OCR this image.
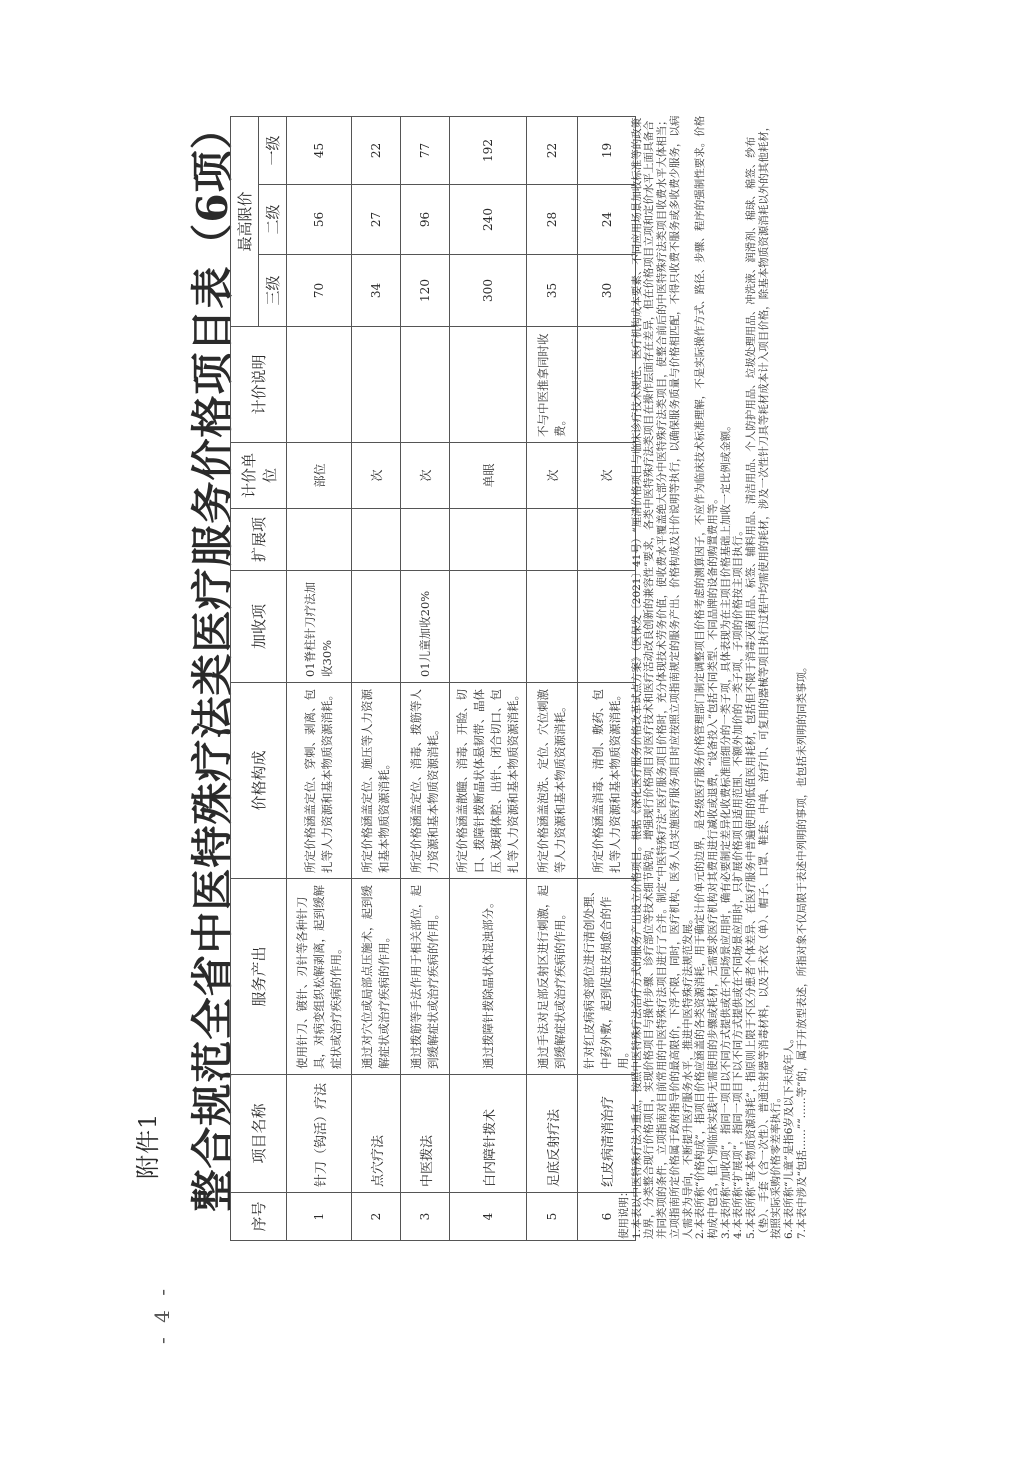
- 4 -
附件1 整合规范全省中医特殊疗法类医疗服务价格项目表（6项）
序号	项目名称	服务产出	价格构成	加收项	扩展项	计价单位	计价说明	最高限价		
								三级	二级	一级
1	针刀（钩活）疗法	使用针刀、镀针、刃针等各种针刀具，对病变组织松解剥离，起到缓解症状或治疗疾病的作用。	所定价格涵盖定位、穿刺、剥离、包扎等人力资源和基本物质资源消耗。	01脊柱针刀疗法加收30%		部位		70	56	45
2	点穴疗法	通过对穴位或局部点压施术，起到缓解症状或治疗疾病的作用。	所定价格涵盖定位、施压等人力资源和基本物质资源消耗。			次		34	27	22
3	中医拨法	通过拨筋等手法作用于相关部位，起到缓解症状或治疗疾病的作用。	所定价格涵盖定位、消毒、拨筋等人力资源和基本物质资源消耗。	01儿童加收20%		次		120	96	77
4	白内障针拨术	通过拨障针拨除晶状体混浊部分。	所定价格涵盖散瞳、消毒、开睑、切口、拨障针拨断晶状体悬韧带、晶体压入玻璃体腔、出针、闭合切口、包扎等人力资源和基本物质资源消耗。			单眼		300	240	192
5	足底反射疗法	通过手法对足部反射区进行刺激，起到缓解症状或治疗疾病的作用。	所定价格涵盖泡洗、定位、穴位刺激等人力资源和基本物质资源消耗。			次	不与中医推拿同时收费。	35	28	22
6	红皮病清消治疗	针对红皮病病变部位进行清创处理、中药外敷，起到促进皮损愈合的作用。	所定价格涵盖消毒、清创、敷药、包扎等人力资源和基本物质资源消耗。			次		30	24	19

使用说明： 1.本表以中医特殊疗法为重点，按照中医特殊疗法治疗方式的服务产出设立价格项目。根据《深化医疗服务价格改革试点方案》（医保发〔2021〕41号）“厘清价格项目与临床诊疗技术规范、医疗机构成本要素、不同应用场景加收标准等的政策边界，分类整合现行价格项目，实现价格项目与操作步骤、诊疗部位等技术细节脱钩，增强现行价格项目对医疗技术和医疗活动改良创新的兼容性”要求，各类中医特殊疗法类项目在操作层面存在差异，但在价格项目立项和定价水平上面具备合并同类项的条件，立项指南对目前常用的中医特殊疗法项目进行了合并。制定“中医特殊疗法”医疗服务项目价格时，充分体现技术劳务价值，使收费水平覆盖绝大部分中医特殊疗法类项目，使整合前后的中医特殊疗法类项目收费水平大体相当；立项指南所定价格属于政府指导价的最高限价，下浮不限，同时，医疗机构、医务人员实施医疗服务项目时应按照立项指南规定的服务产出、价格构成及计价说明等执行，以确保服务质量与价格相匹配，不得只收费不服务或多收费少服务，以病人需求为导向，不断提升医疗服务水平，推进中医特殊疗法规范发展。 2.本表所称“价格构成”，指项目价格应涵盖的各类资源消耗，用于确定计价单元的边界，是各级医疗服务价格管理部门制定调整项目价格考虑的测算因子，不应作为临床技术标准理解，不是实际操作方式、路径、步骤、程序的强制性要求。价格构成中包含，但个别临床实践中无需使用的步骤或耗材，无需要求医疗机构对其费用进行减收或退费，“设备投入”包括不同类型、不同品牌的设备的购置费用等。 3.本表所称“加收项”，指同一项目以不同方式提供或在不同场景应用时，确有必要制定差异化收费标准而细分的一类子项，具体表现为在主项目价格基础上加收一定比例或金额。 4.本表所称“扩展项”，指同一项目下以不同方式提供或在不同场景应用时，只扩展价格项目适用范围、不额外加价的一类子项，子项的价格按主项目执行。 5.本表所称“基本物质资源消耗”，指原则上限于不区分患者个体差异、在医疗服务中普遍使用的低值医用耗材，包括但不限于消毒灭菌用品、标签、辅料用品、清洁用品、个人防护用品、垃圾处理用品、冲洗液、润滑剂、棉球、棉签、纱布（垫）、手套（含一次性）、普通注射器等消毒材料，以及手术衣（单）、帽子、口罩、鞋套、中单、治疗巾、可复用的器械等项目执行过程中均需使用的耗材，涉及一次性针刀具等耗材成本计入项目价格，除基本物质资源消耗以外的其他耗材，按照实际采购价格零差率执行。 6.本表所称“儿童”是指6岁及以下未成年人。 7.本表中涉及“包括……”“……等”的，属于开放型表述，所指对象不仅局限于表述中列明的事项，也包括未列明的同类事项。
